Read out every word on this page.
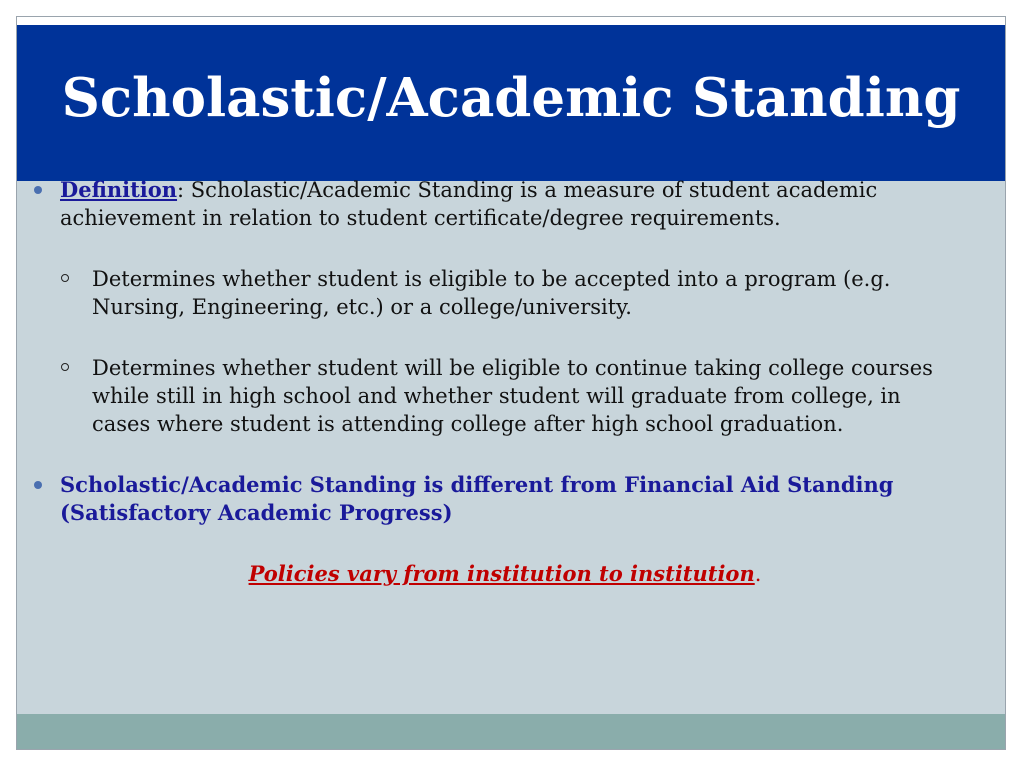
Scholastic/Academic Standing
Definition: Scholastic/Academic Standing is a measure of student academic achievement in relation to student certificate/degree requirements.
Determines whether student is eligible to be accepted into a program (e.g. Nursing, Engineering, etc.) or a college/university.
Determines whether student will be eligible to continue taking college courses while still in high school and whether student will graduate from college, in cases where student is attending college after high school graduation.
Scholastic/Academic Standing is different from Financial Aid Standing (Satisfactory Academic Progress)
Policies vary from institution to institution.
